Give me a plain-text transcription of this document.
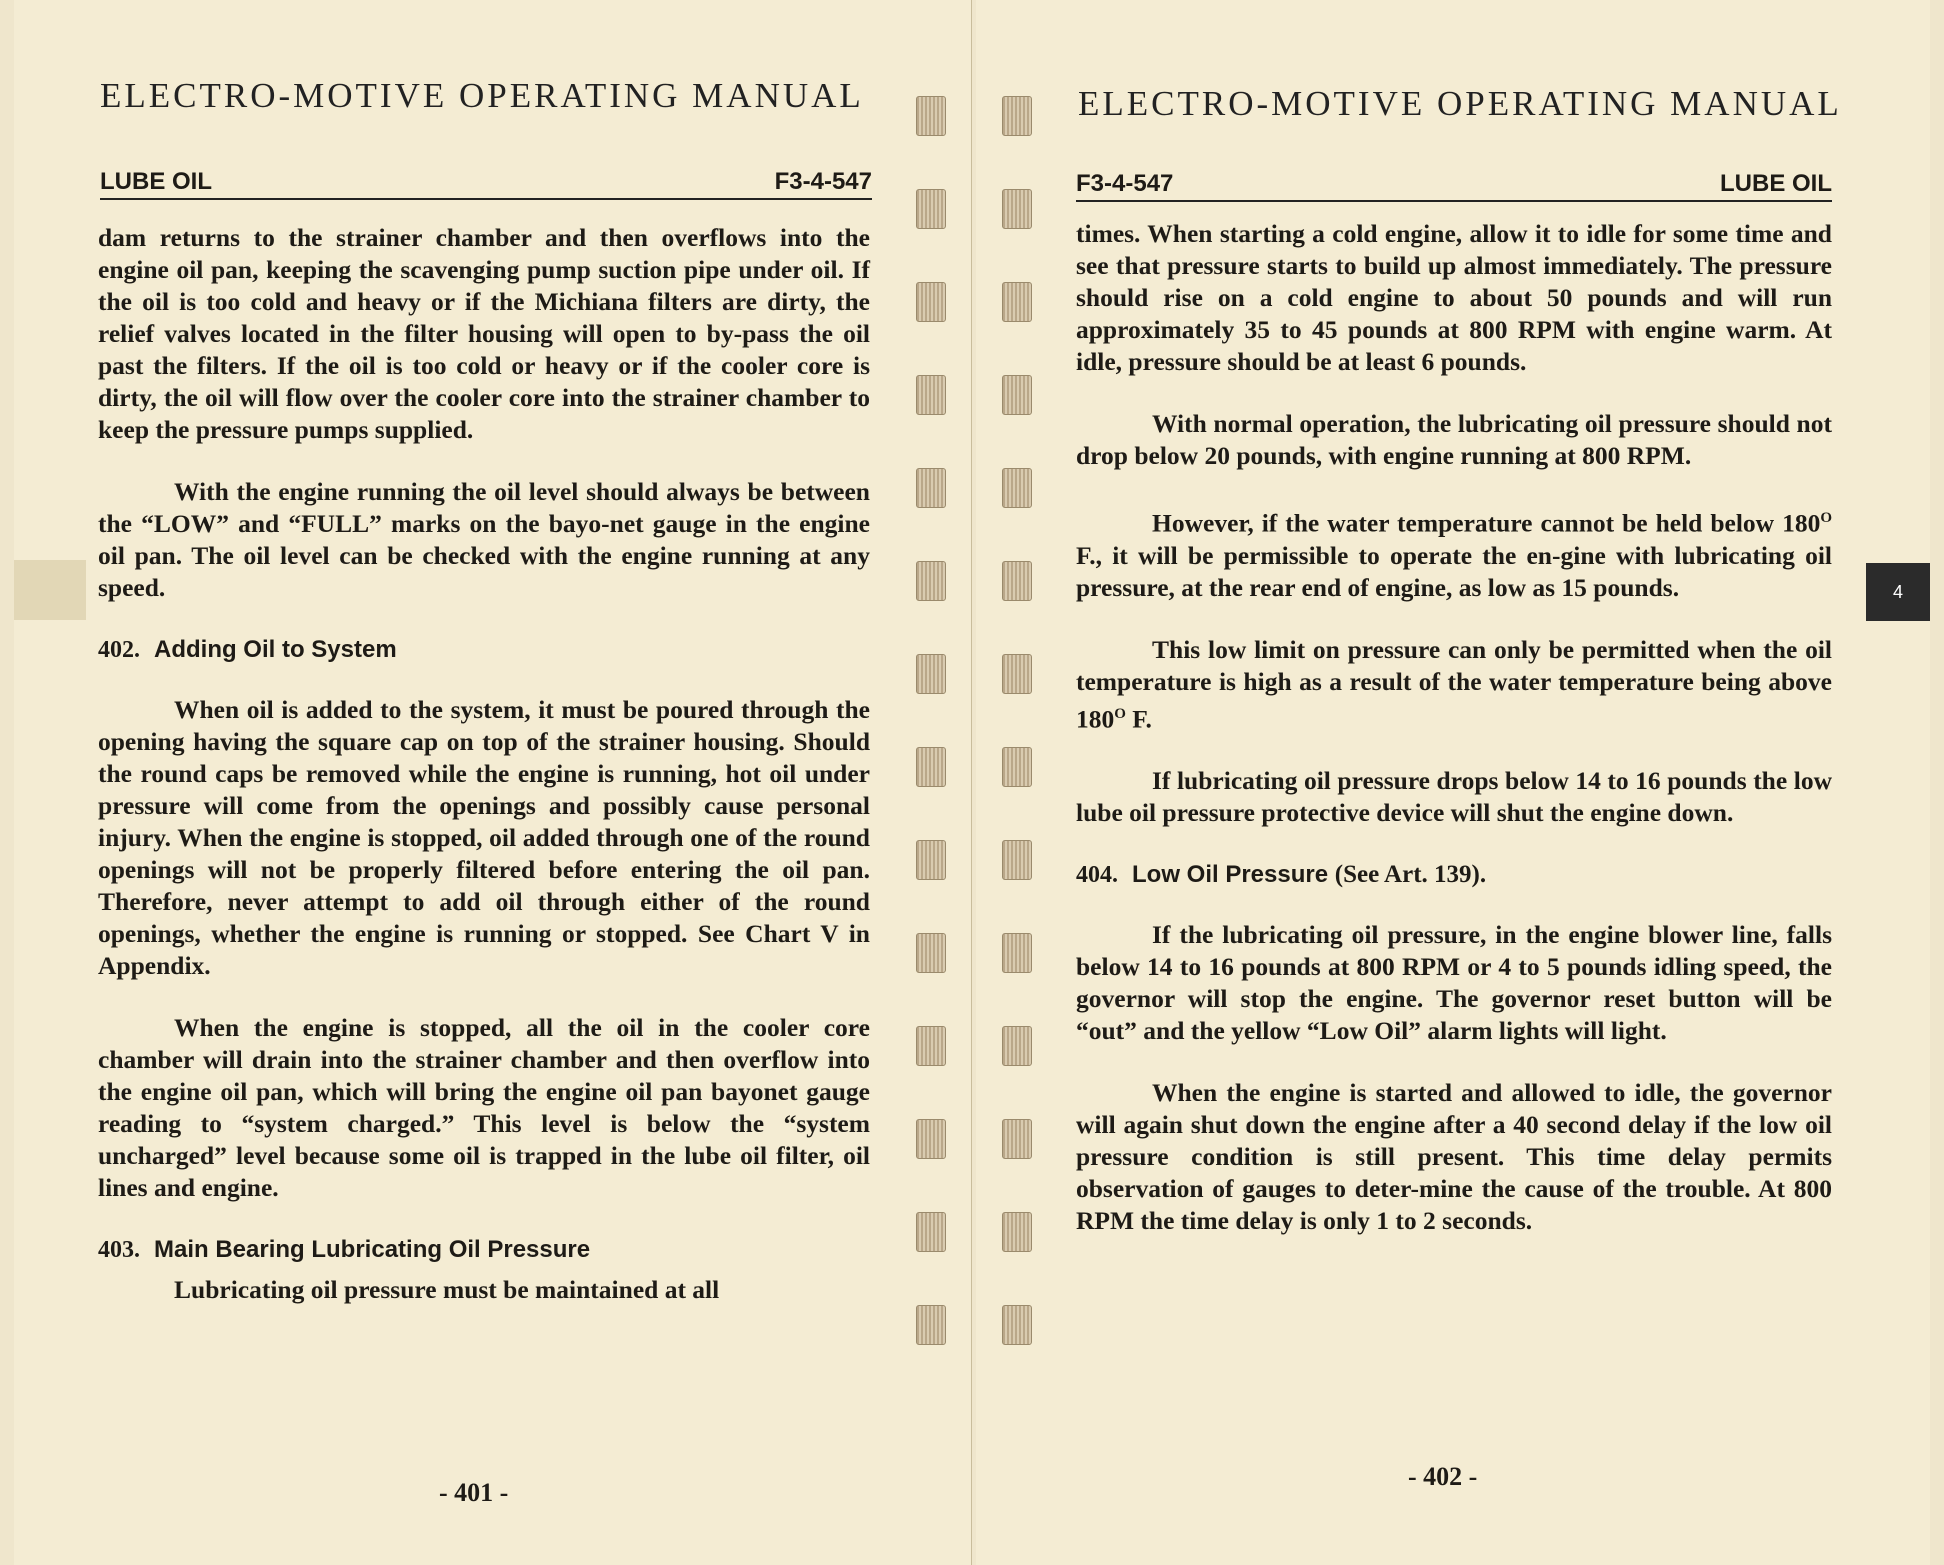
ELECTRO-MOTIVE OPERATING MANUAL
LUBE OIL	F3-4-547

dam returns to the strainer chamber and then overflows into the engine oil pan, keeping the scavenging pump suction pipe under oil. If the oil is too cold and heavy or if the Michiana filters are dirty, the relief valves located in the filter housing will open to by-pass the oil past the filters. If the oil is too cold or heavy or if the cooler core is dirty, the oil will flow over the cooler core into the strainer chamber to keep the pressure pumps supplied.

With the engine running the oil level should always be between the “LOW” and “FULL” marks on the bayo-net gauge in the engine oil pan. The oil level can be checked with the engine running at any speed.

402. Adding Oil to System

When oil is added to the system, it must be poured through the opening having the square cap on top of the strainer housing. Should the round caps be removed while the engine is running, hot oil under pressure will come from the openings and possibly cause personal injury. When the engine is stopped, oil added through one of the round openings will not be properly filtered before entering the oil pan. Therefore, never attempt to add oil through either of the round openings, whether the engine is running or stopped. See Chart V in Appendix.

When the engine is stopped, all the oil in the cooler core chamber will drain into the strainer chamber and then overflow into the engine oil pan, which will bring the engine oil pan bayonet gauge reading to “system charged.” This level is below the “system uncharged” level because some oil is trapped in the lube oil filter, oil lines and engine.

403. Main Bearing Lubricating Oil Pressure

Lubricating oil pressure must be maintained at all

- 401 -
ELECTRO-MOTIVE OPERATING MANUAL
F3-4-547	LUBE OIL

times. When starting a cold engine, allow it to idle for some time and see that pressure starts to build up almost immediately. The pressure should rise on a cold engine to about 50 pounds and will run approximately 35 to 45 pounds at 800 RPM with engine warm. At idle, pressure should be at least 6 pounds.

With normal operation, the lubricating oil pressure should not drop below 20 pounds, with engine running at 800 RPM.

However, if the water temperature cannot be held below $180^O$ F., it will be permissible to operate the en-gine with lubricating oil pressure, at the rear end of engine, as low as 15 pounds.

This low limit on pressure can only be permitted when the oil temperature is high as a result of the water temperature being above $180^O$ F.

If lubricating oil pressure drops below 14 to 16 pounds the low lube oil pressure protective device will shut the engine down.

404. Low Oil Pressure (See Art. 139).

If the lubricating oil pressure, in the engine blower line, falls below 14 to 16 pounds at 800 RPM or 4 to 5 pounds idling speed, the governor will stop the engine. The governor reset button will be “out” and the yellow “Low Oil” alarm lights will light.

When the engine is started and allowed to idle, the governor will again shut down the engine after a 40 second delay if the low oil pressure condition is still present. This time delay permits observation of gauges to deter-mine the cause of the trouble. At 800 RPM the time delay is only 1 to 2 seconds.

- 402 -
4
